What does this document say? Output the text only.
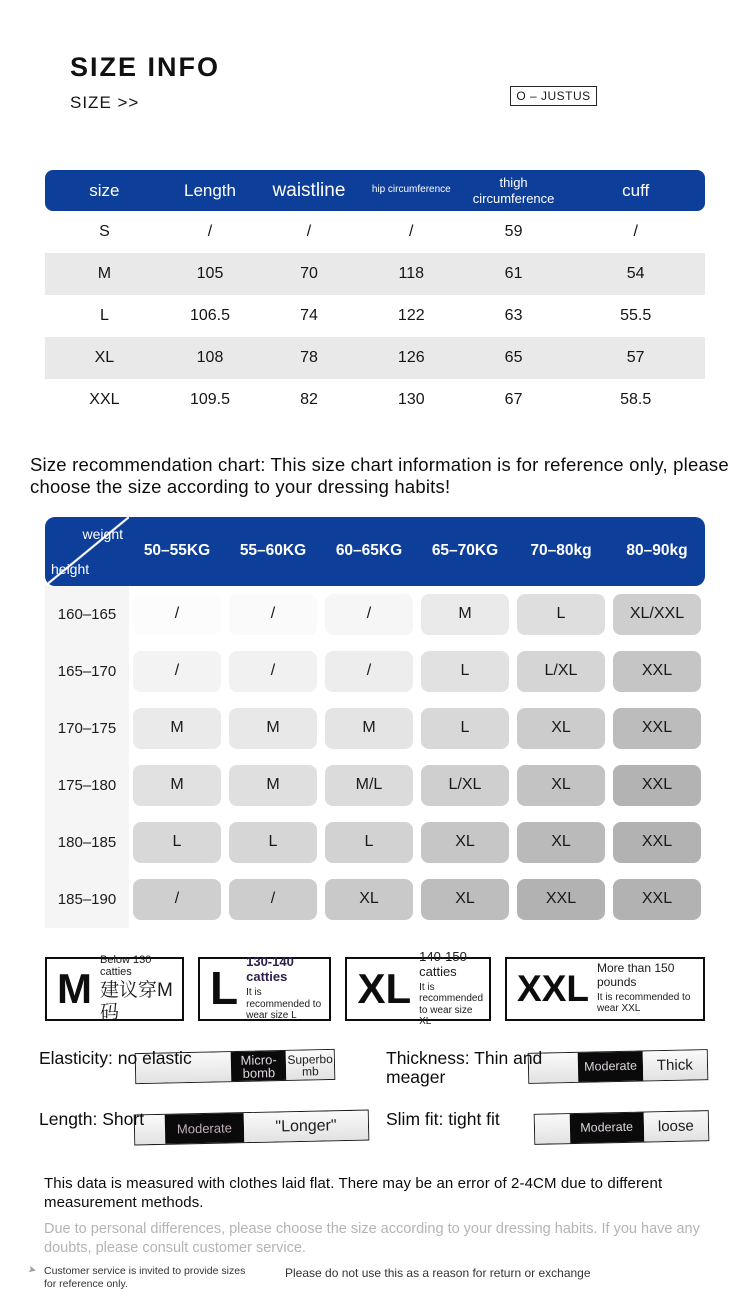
SIZE INFO
SIZE >>	O – JUSTUS
size	Length	waistline	hip circumference	thigh circumference	cuff
S	/	/	/	59	/
M	105	70	118	61	54
L	106.5	74	122	63	55.5
XL	108	78	126	65	57
XXL	109.5	82	130	67	58.5

Size recommendation chart: This size chart information is for reference only, please choose the size according to your dressing habits!

weight
height
50–55KG	55–60KG	60–65KG	65–70KG	70–80kg	80–90kg
160–165	/	/	/	M	L	XL/XXL
165–170	/	/	/	L	L/XL	XXL
170–175	M	M	M	L	XL	XXL
175–180	M	M	M/L	L/XL	XL	XXL
180–185	L	L	L	XL	XL	XXL
185–190	/	/	XL	XL	XXL	XXL
M
Below 130 catties
建议穿M码	L 130-140 catties
It is recommended to wear size L
XL
140-150 catties
It is recommended to wear size XL
XXL More than 150 pounds
It is recommended to wear XXL
Elasticity: no elastic	Micro-bomb
Superbomb
Thickness: Thin and meager
Moderate Thick
Length: Short	Moderate	"Longer"	Slim fit: tight fit	Moderate loose

This data is measured with clothes laid flat. There may be an error of 2-4CM due to different measurement methods.

Due to personal differences, please choose the size according to your dressing habits. If you have any doubts, please consult customer service.

➤ Customer service is invited to provide sizes for reference only.
Please do not use this as a reason for return or exchange
